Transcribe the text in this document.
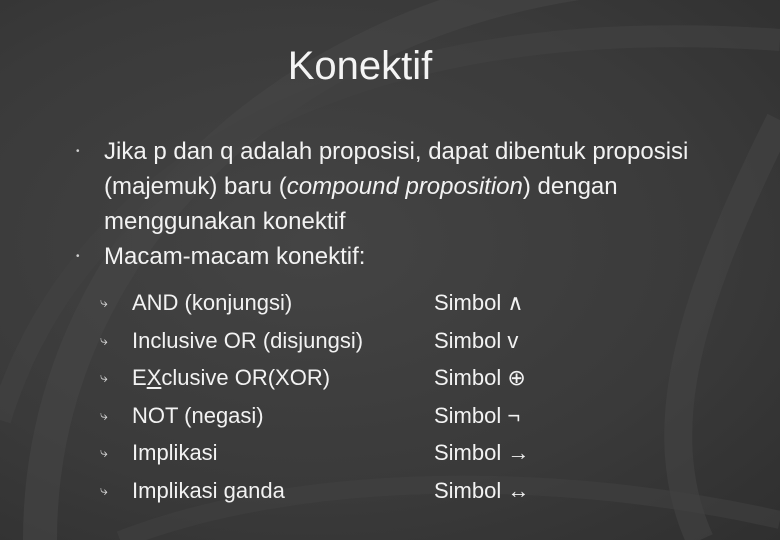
Konektif

• Jika p dan q adalah proposisi, dapat dibentuk proposisi (majemuk) baru (compound proposition) dengan menggunakan konektif

• Macam-macam konektif:

⤷ AND (konjungsi)	Simbol ∧
⤷ Inclusive OR (disjungsi)	Simbol v
⤷ EXclusive OR(XOR)	Simbol ⊕
⤷ NOT (negasi)	Simbol ¬
⤷ Implikasi	Simbol →
⤷ Implikasi ganda	Simbol ↔
